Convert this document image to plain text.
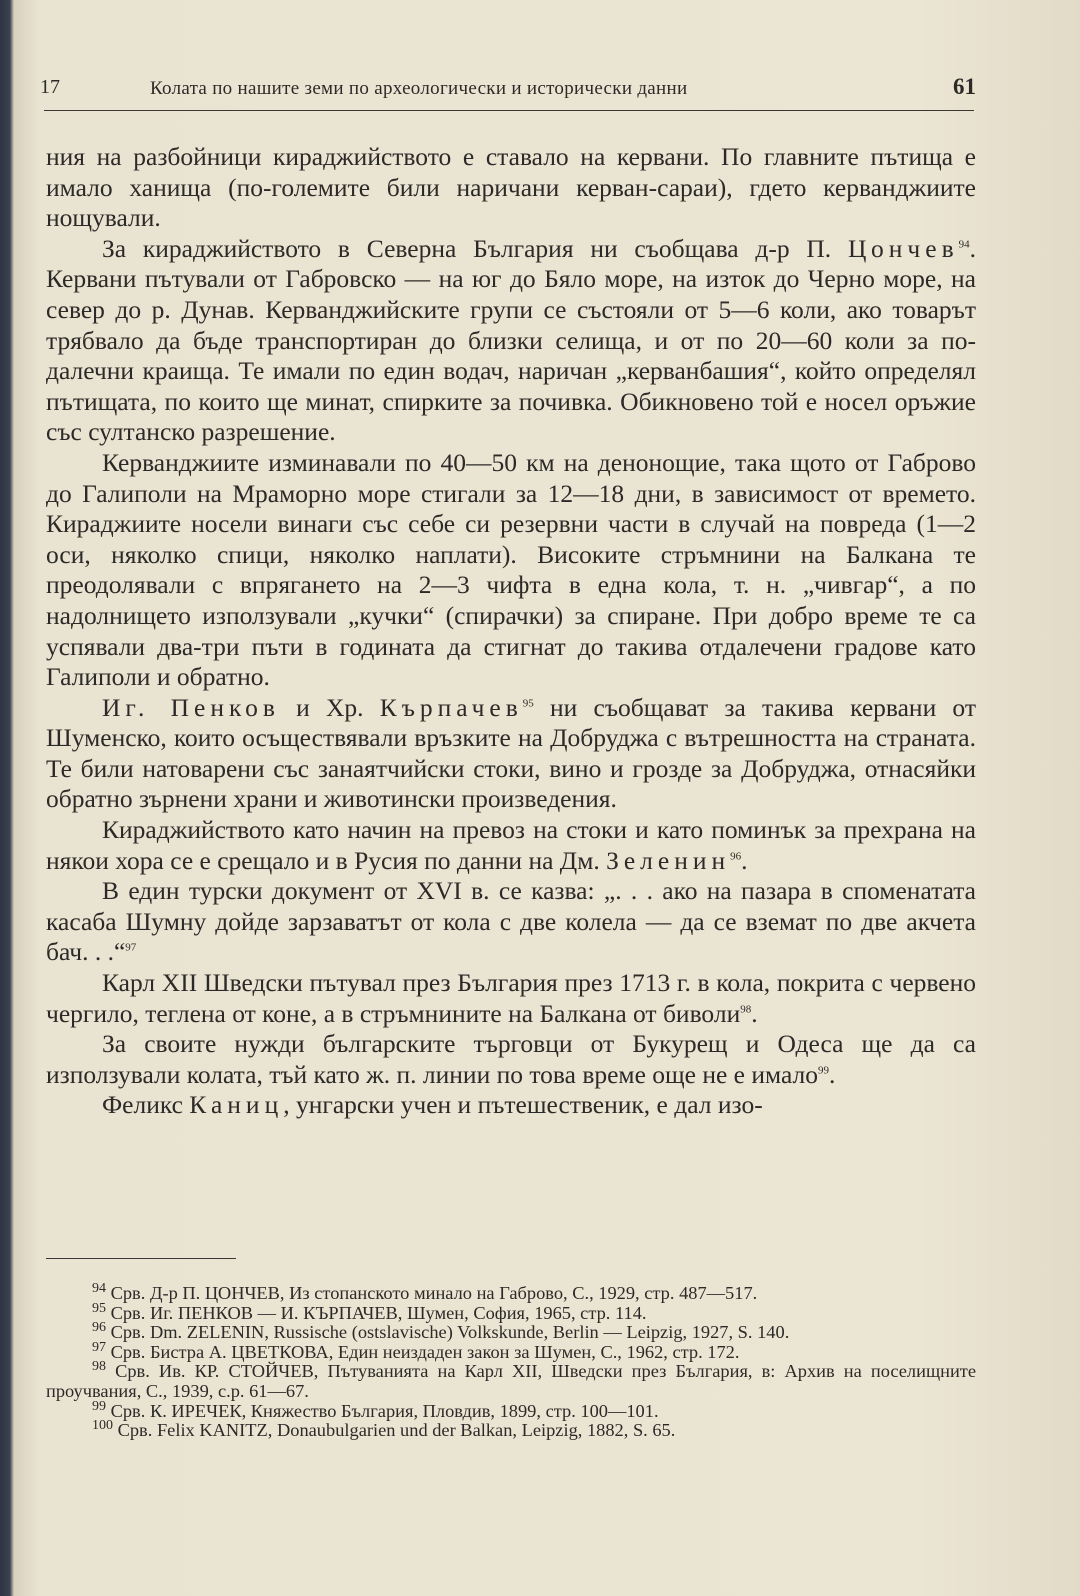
17	Колата по нашите земи по археологически и исторически данни	61

ния на разбойници кираджийството е ставало на кервани. По главните пътища е имало ханища (по-големите били наричани керван-сараи), гдето керванджиите нощували.

За кираджийството в Северна България ни съобщава д-р П. Цончев$^{94}$. Кервани пътували от Габровско — на юг до Бяло море, на изток до Черно море, на север до р. Дунав. Керванджийските групи се състояли от 5—6 коли, ако товарът трябвало да бъде транспортиран до близки селища, и от по 20—60 коли за по-далечни краища. Те имали по един водач, наричан „керванбашия“, който определял пътищата, по които ще минат, спирките за почивка. Обикновено той е носел оръжие със султанско разрешение.

Керванджиите изминавали по 40—50 км на денонощие, така щото от Габрово до Галиполи на Мраморно море стигали за 12—18 дни, в зависимост от времето. Кираджиите носели винаги със себе си резервни части в случай на повреда (1—2 оси, няколко спици, няколко наплати). Високите стръмнини на Балкана те преодолявали с впрягането на 2—3 чифта в една кола, т. н. „чивгар“, а по надолнището използували „кучки“ (спирачки) за спиране. При добро време те са успявали два-три пъти в годината да стигнат до такива отдалечени градове като Галиполи и обратно.

Иг. Пенков и Хр. Кърпачев$^{95}$ ни съобщават за такива кервани от Шуменско, които осъществявали връзките на Добруджа с вътрешността на страната. Те били натоварени със занаятчийски стоки, вино и грозде за Добруджа, отнасяйки обратно зърнени храни и животински произведения.

Кираджийството като начин на превоз на стоки и като поминък за прехрана на някои хора се е срещало и в Русия по данни на Дм. Зеленин$^{96}$.

В един турски документ от XVI в. се казва: „. . . ако на пазара в споменатата касаба Шумну дойде зарзаватът от кола с две колела — да се вземат по две акчета бач. . .“$^{97}$

Карл XII Шведски пътувал през България през 1713 г. в кола, покрита с червено чергило, теглена от коне, а в стръмнините на Балкана от биволи$^{98}$.

За своите нужди българските търговци от Букурещ и Одеса ще да са използували колата, тъй като ж. п. линии по това време още не е имало$^{99}$.

Феликс Каниц, унгарски учен и пътешественик, е дал изо-

$^{94}$ Срв. Д-р П. ЦОНЧЕВ, Из стопанското минало на Габрово, С., 1929, стр. 487—517.

$^{95}$ Срв. Иг. ПЕНКОВ — И. КЪРПАЧЕВ, Шумен, София, 1965, стр. 114.

$^{96}$ Срв. Dm. ZELENIN, Russische (ostslavische) Volkskunde, Berlin — Leipzig, 1927, S. 140.

$^{97}$ Срв. Бистра А. ЦВЕТКОВА, Един неиздаден закон за Шумен, С., 1962, стр. 172.

$^{98}$ Срв. Ив. КР. СТОЙЧЕВ, Пътуванията на Карл XII, Шведски през България, в: Архив на поселищните проучвания, С., 1939, с.р. 61—67.

$^{99}$ Срв. К. ИРЕЧЕК, Княжество България, Пловдив, 1899, стр. 100—101.

$^{100}$ Срв. Felix KANITZ, Donaubulgarien und der Balkan, Leipzig, 1882, S. 65.
